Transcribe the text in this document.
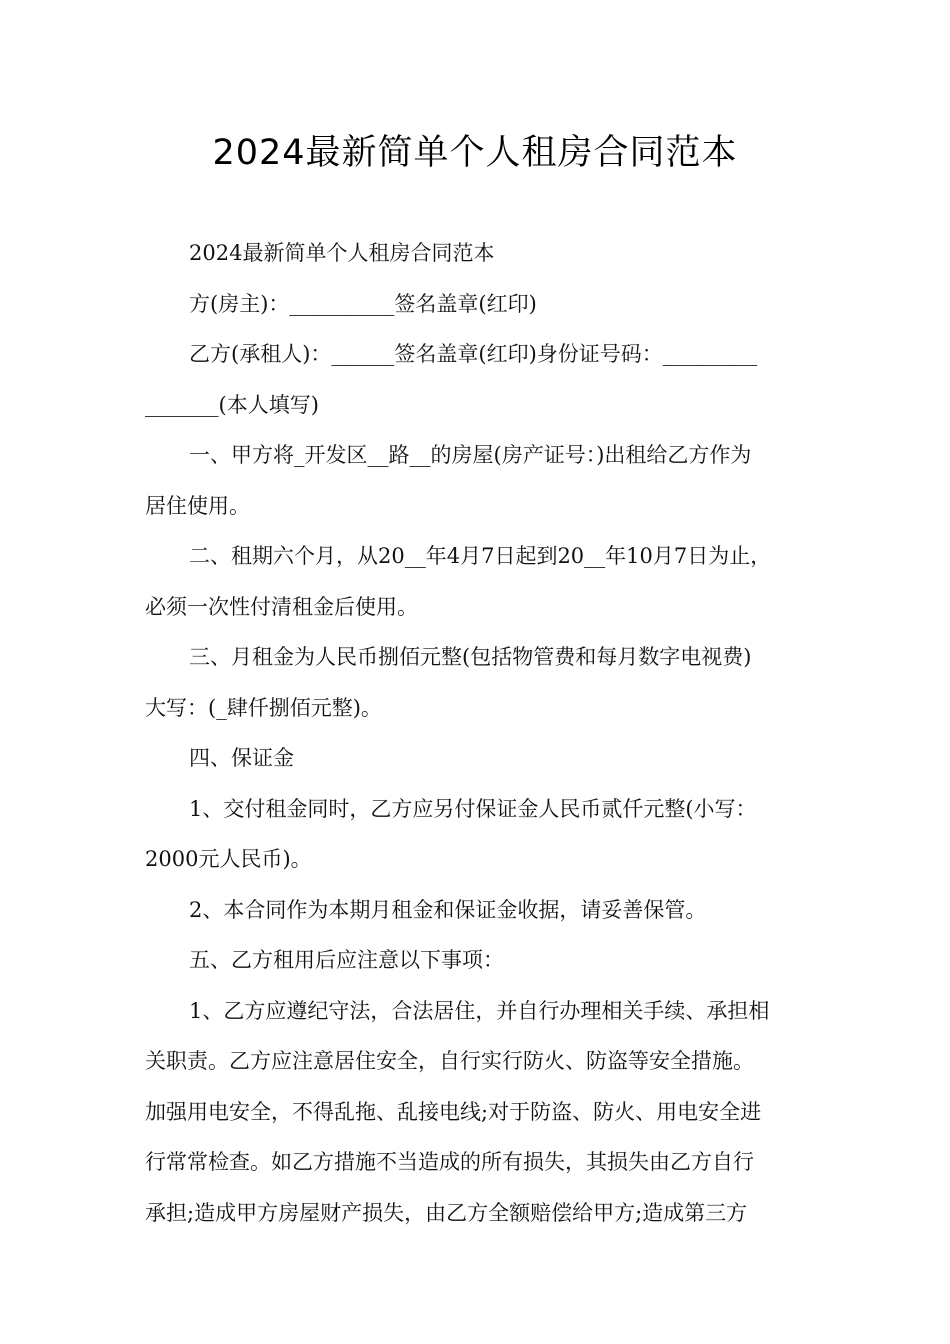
2024最新简单个人租房合同范本
2024最新简单个人租房合同范本
方(房主)：__________签名盖章(红印)
乙方(承租人)：______签名盖章(红印)身份证号码：_________
_______(本人填写)
一、甲方将_开发区__路__的房屋(房产证号：)出租给乙方作为
居住使用。
二、租期六个月，从20__年4月7日起到20__年10月7日为止，
必须一次性付清租金后使用。
三、月租金为人民币捌佰元整(包括物管费和每月数字电视费)
大写：(_肆仟捌佰元整)。
四、保证金
1、交付租金同时，乙方应另付保证金人民币贰仟元整(小写：
2000元人民币)。
2、本合同作为本期月租金和保证金收据，请妥善保管。
五、乙方租用后应注意以下事项：
1、乙方应遵纪守法，合法居住，并自行办理相关手续、承担相
关职责。乙方应注意居住安全，自行实行防火、防盗等安全措施。
加强用电安全，不得乱拖、乱接电线;对于防盗、防火、用电安全进
行常常检查。如乙方措施不当造成的所有损失，其损失由乙方自行
承担;造成甲方房屋财产损失，由乙方全额赔偿给甲方;造成第三方
